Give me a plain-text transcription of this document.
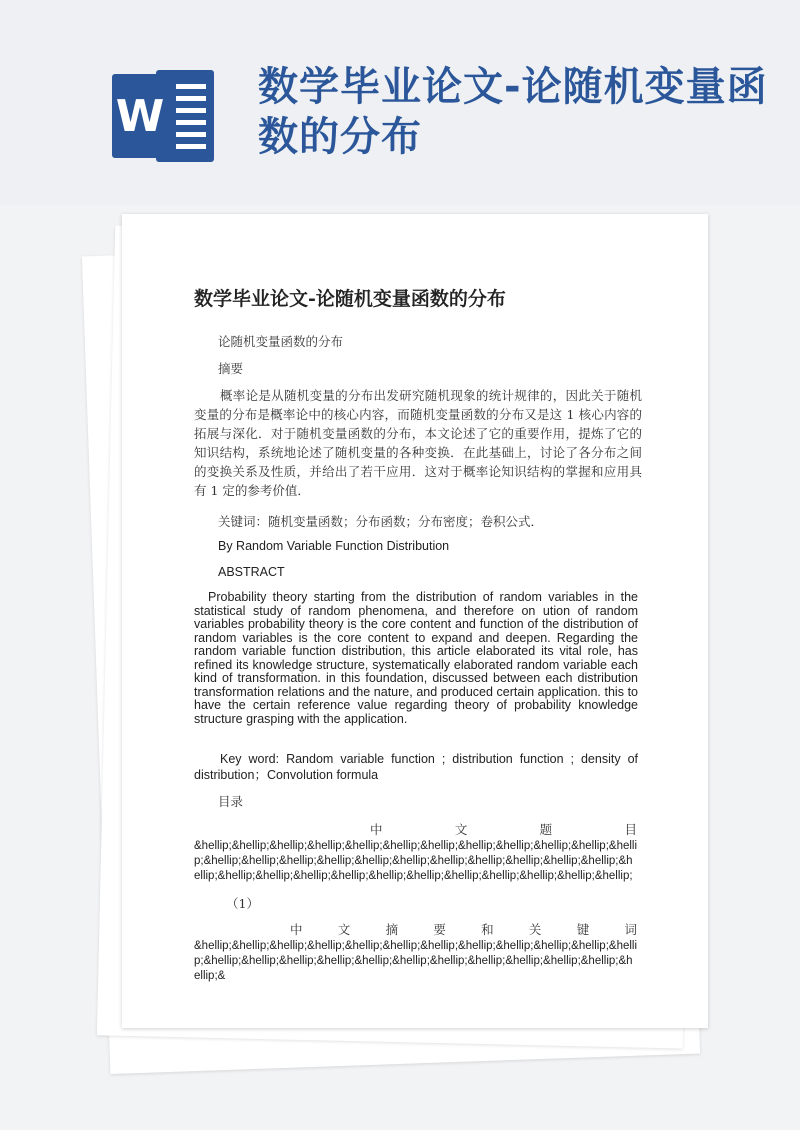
W
数学毕业论文-论随机变量函数的分布
数学毕业论文-论随机变量函数的分布
论随机变量函数的分布
摘要
概率论是从随机变量的分布出发研究随机现象的统计规律的，因此关于随机变量的分布是概率论中的核心内容，而随机变量函数的分布又是这 1 核心内容的拓展与深化．对于随机变量函数的分布，本文论述了它的重要作用，提炼了它的知识结构，系统地论述了随机变量的各种变换．在此基础上，讨论了各分布之间的变换关系及性质，并给出了若干应用．这对于概率论知识结构的掌握和应用具有 1 定的参考价值．
关键词：随机变量函数；分布函数；分布密度；卷积公式．
By Random Variable Function Distribution
ABSTRACT
Probability theory starting from the distribution of random variables in the statistical study of random phenomena, and therefore on ution of random variables probability theory is the core content and function of the distribution of random variables is the core content to expand and deepen. Regarding the random variable function distribution, this article elaborated its vital role, has refined its knowledge structure, systematically elaborated random variable each kind of transformation. in this foundation, discussed between each distribution transformation relations and the nature, and produced certain application. this to have the certain reference value regarding theory of probability knowledge structure grasping with the application.
Key word: Random variable function ; distribution function ; density of distribution；Convolution formula
目录
中文题目
&hellip;&hellip;&hellip;&hellip;&hellip;&hellip;&hellip;&hellip;&hellip;&hellip;&hellip;&hellip;&hellip;&hellip;&hellip;&hellip;&hellip;&hellip;&hellip;&hellip;&hellip;&hellip;&hellip;&hellip;&hellip;&hellip;&hellip;&hellip;&hellip;&hellip;&hellip;&hellip;&hellip;&hellip;&hellip;
（1）
中文摘要和关键词
&hellip;&hellip;&hellip;&hellip;&hellip;&hellip;&hellip;&hellip;&hellip;&hellip;&hellip;&hellip;&hellip;&hellip;&hellip;&hellip;&hellip;&hellip;&hellip;&hellip;&hellip;&hellip;&hellip;&hellip;&
